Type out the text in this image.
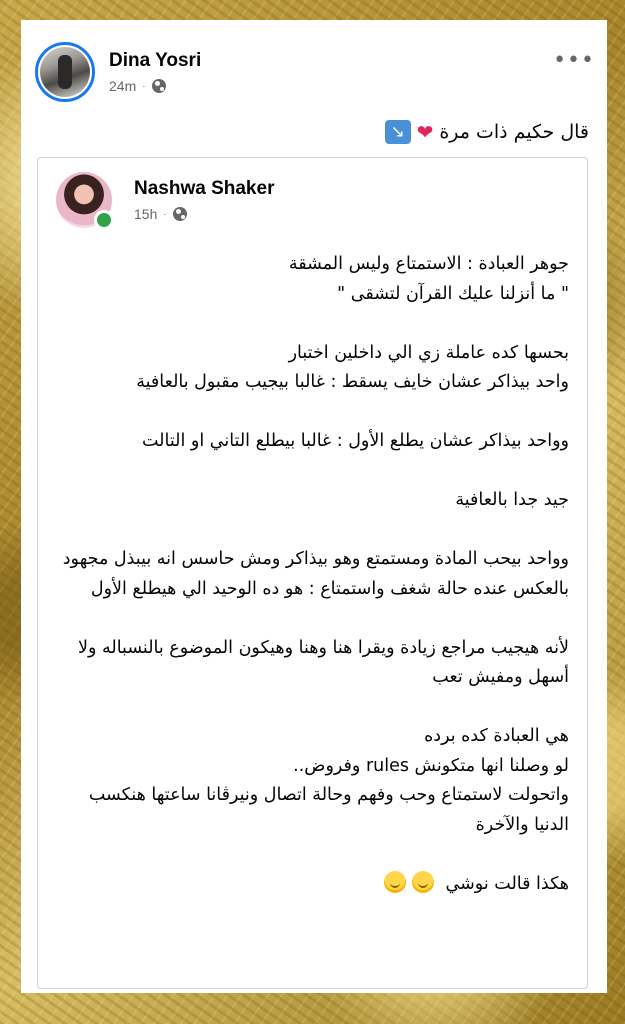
Dina Yosri
24m ·
•••
قال حكيم ذات مرة
❤
↘
Nashwa Shaker
15h ·

جوهر العبادة : الاستمتاع وليس المشقة
" ما أنزلنا عليك القرآن لتشقى "

بحسها كده عاملة زي الي داخلين اختبار
واحد بيذاكر عشان خايف يسقط : غالبا بيجيب مقبول بالعافية

وواحد بيذاكر عشان يطلع الأول : غالبا بيطلع التاني او التالت

جيد جدا بالعافية

وواحد بيحب المادة ومستمتع وهو بيذاكر ومش حاسس انه بيبذل مجهود بالعكس عنده حالة شغف واستمتاع : هو ده الوحيد الي هيطلع الأول

لأنه هيجيب مراجع زيادة ويقرا هنا وهنا وهيكون الموضوع بالنسباله ولا أسهل ومفيش تعب

هي العبادة كده برده
لو وصلنا انها متكونش rules وفروض..
واتحولت لاستمتاع وحب وفهم وحالة اتصال ونيرڤانا ساعتها هنكسب الدنيا والآخرة

هكذا قالت نوشي
